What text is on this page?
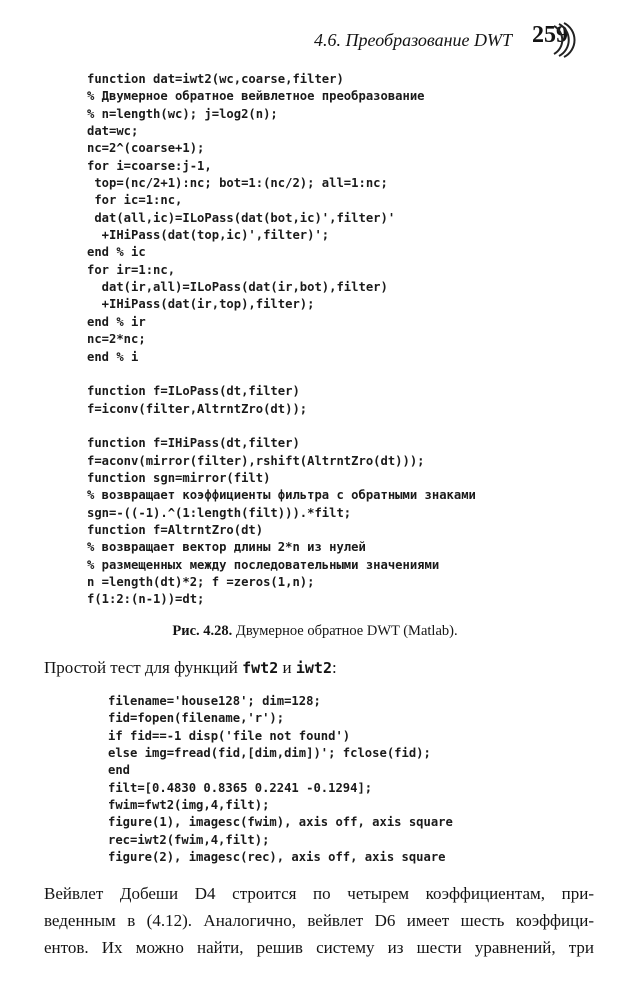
4.6. Преобразование DWT 259
function dat=iwt2(wc,coarse,filter)
% Двумерное обратное вейвлетное преобразование
% n=length(wc); j=log2(n);
dat=wc;
nc=2^(coarse+1);
for i=coarse:j-1,
top=(nc/2+1):nc; bot=1:(nc/2); all=1:nc;
for ic=1:nc,
dat(all,ic)=ILoPass(dat(bot,ic)',filter)'
+IHiPass(dat(top,ic)',filter)';
end % ic
for ir=1:nc,
dat(ir,all)=ILoPass(dat(ir,bot),filter)
+IHiPass(dat(ir,top),filter);
end % ir
nc=2*nc;
end % i
function f=ILoPass(dt,filter)
f=iconv(filter,AltrntZro(dt));
function f=IHiPass(dt,filter)
f=aconv(mirror(filter),rshift(AltrntZro(dt)));
function sgn=mirror(filt)
% возвращает коэффициенты фильтра с обратными знаками
sgn=-((-1).^(1:length(filt))).*filt;
function f=AltrntZro(dt)
% возвращает вектор длины 2*n из нулей
% размещенных между последовательными значениями
n =length(dt)*2; f =zeros(1,n);
f(1:2:(n-1))=dt;
Рис. 4.28. Двумерное обратное DWT (Matlab).
Простой тест для функций fwt2 и iwt2:
filename='house128'; dim=128;
fid=fopen(filename,'r');
if fid==-1 disp('file not found')
else img=fread(fid,[dim,dim])'; fclose(fid);
end
filt=[0.4830 0.8365 0.2241 -0.1294];
fwim=fwt2(img,4,filt);
figure(1), imagesc(fwim), axis off, axis square
rec=iwt2(fwim,4,filt);
figure(2), imagesc(rec), axis off, axis square
Вейвлет Добеши D4 строится по четырем коэффициентам, при-
веденным в (4.12). Аналогично, вейвлет D6 имеет шесть коэффици-
ентов. Их можно найти, решив систему из шести уравнений, три
